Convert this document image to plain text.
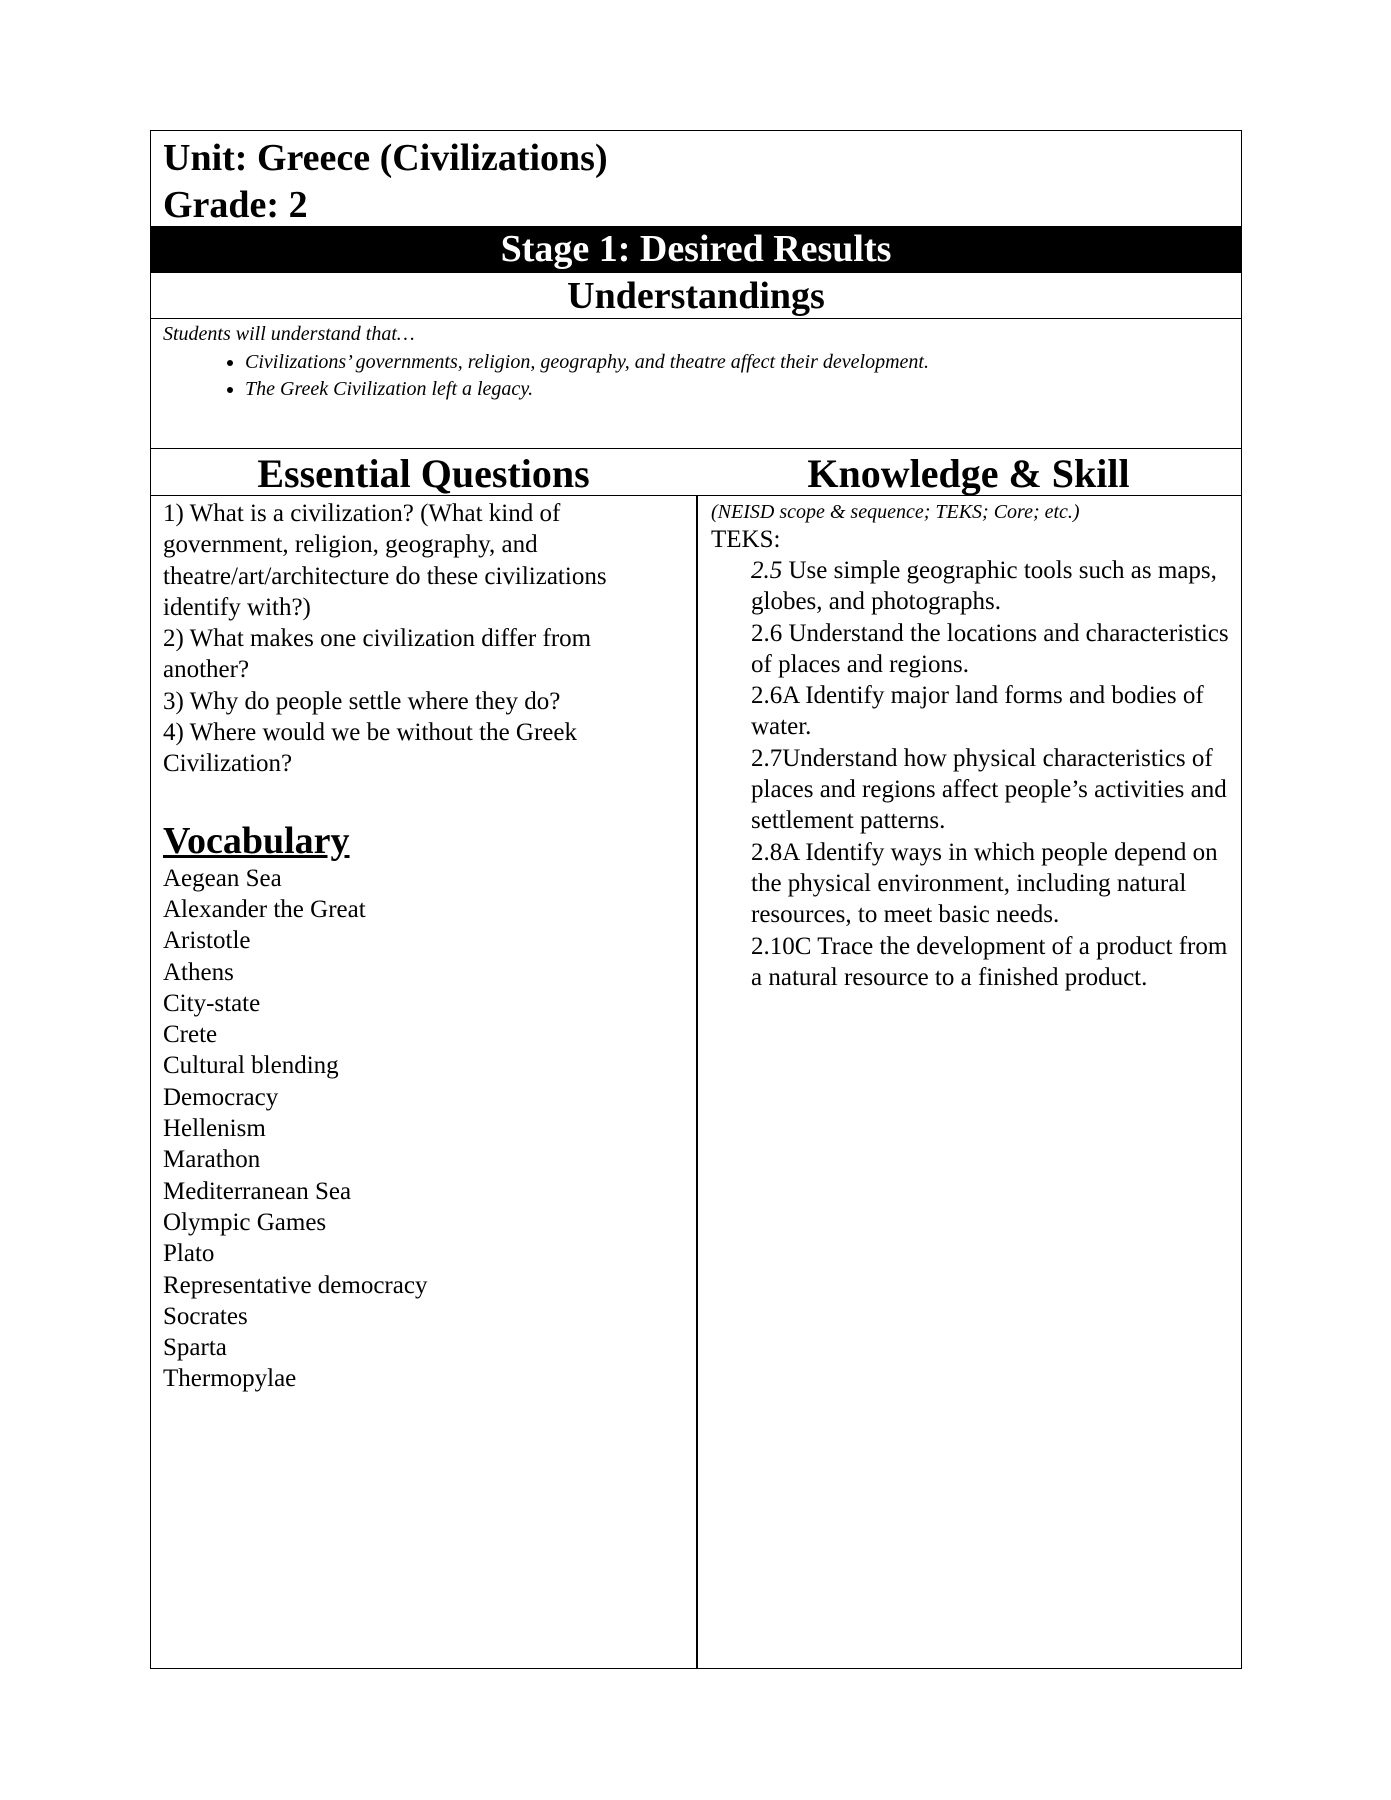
Unit: Greece (Civilizations)
Grade: 2
Stage 1: Desired Results
Understandings
Students will understand that…
• Civilizations’ governments, religion, geography, and theatre affect their development.
• The Greek Civilization left a legacy.
Essential Questions	Knowledge & Skill
1) What is a civilization? (What kind of government, religion, geography, and theatre/art/architecture do these civilizations identify with?)
2) What makes one civilization differ from another?
3) Why do people settle where they do?
4) Where would we be without the Greek Civilization?
Vocabulary
Aegean Sea
Alexander the Great
Aristotle
Athens
City-state
Crete
Cultural blending
Democracy
Hellenism
Marathon
Mediterranean Sea
Olympic Games
Plato
Representative democracy
Socrates
Sparta
Thermopylae
(NEISD scope & sequence; TEKS; Core; etc.)
TEKS:
2.5 Use simple geographic tools such as maps, globes, and photographs.
2.6 Understand the locations and characteristics of places and regions.
2.6A Identify major land forms and bodies of water.
2.7Understand how physical characteristics of places and regions affect people’s activities and settlement patterns.
2.8A Identify ways in which people depend on the physical environment, including natural resources, to meet basic needs.
2.10C Trace the development of a product from a natural resource to a finished product.
